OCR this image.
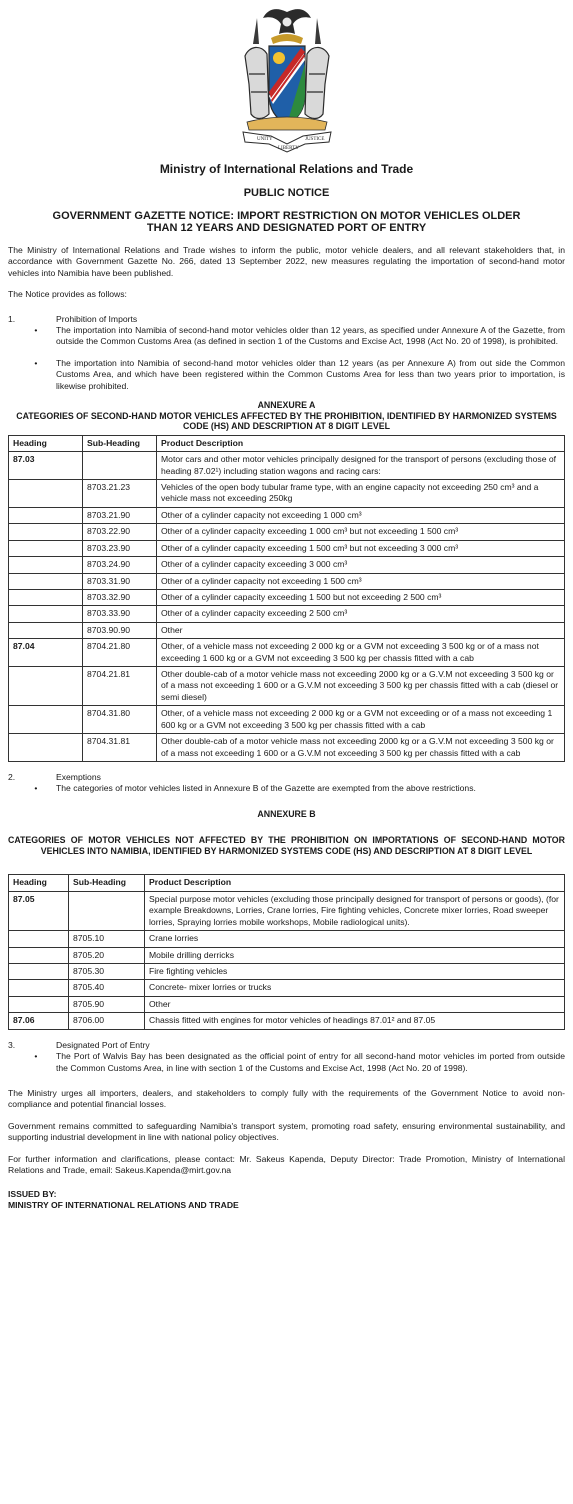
UNITY
LIBERTY
JUSTICE
Ministry of International Relations and Trade
PUBLIC NOTICE
GOVERNMENT GAZETTE NOTICE: IMPORT RESTRICTION ON MOTOR VEHICLES OLDER THAN 12 YEARS AND DESIGNATED PORT OF ENTRY

The Ministry of International Relations and Trade wishes to inform the public, motor vehicle dealers, and all relevant stakeholders that, in accordance with Government Gazette No. 266, dated 13 September 2022, new measures regulating the importation of second-hand motor vehicles into Namibia have been published.

The Notice provides as follows:

1.	Prohibition of Imports
•	The importation into Namibia of second-hand motor vehicles older than 12 years, as specified under Annexure A of the Gazette, from outside the Common Customs Area (as defined in section 1 of the Customs and Excise Act, 1998 (Act No. 20 of 1998), is prohibited.
•	The importation into Namibia of second-hand motor vehicles older than 12 years (as per Annexure A) from out side the Common Customs Area, and which have been registered within the Common Customs Area for less than two years prior to importation, is likewise prohibited.
ANNEXURE A
CATEGORIES OF SECOND-HAND MOTOR VEHICLES AFFECTED BY THE PROHIBITION, IDENTIFIED BY HARMONIZED SYSTEMS CODE (HS) AND DESCRIPTION AT 8 DIGIT LEVEL
Heading	Sub-Heading	Product Description
87.03		Motor cars and other motor vehicles principally designed for the transport of persons (excluding those of heading 87.02¹) including station wagons and racing cars:
	8703.21.23	Vehicles of the open body tubular frame type, with an engine capacity not exceeding 250 cm³ and a vehicle mass not exceeding 250kg
	8703.21.90	Other of a cylinder capacity not exceeding 1 000 cm³
	8703.22.90	Other of a cylinder capacity exceeding 1 000 cm³ but not exceeding 1 500 cm³
	8703.23.90	Other of a cylinder capacity exceeding 1 500 cm³ but not exceeding 3 000 cm³
	8703.24.90	Other of a cylinder capacity exceeding 3 000 cm³
	8703.31.90	Other of a cylinder capacity not exceeding 1 500 cm³
	8703.32.90	Other of a cylinder capacity exceeding 1 500 but not exceeding 2 500 cm³
	8703.33.90	Other of a cylinder capacity exceeding 2 500 cm³
	8703.90.90	Other
87.04	8704.21.80	Other, of a vehicle mass not exceeding 2 000 kg or a GVM not exceeding 3 500 kg or of a mass not exceeding 1 600 kg or a GVM not exceeding 3 500 kg per chassis fitted with a cab
	8704.21.81	Other double-cab of a motor vehicle mass not exceeding 2000 kg or a G.V.M not exceeding 3 500 kg or of a mass not exceeding 1 600 or a G.V.M not exceeding 3 500 kg per chassis fitted with a cab (diesel or semi diesel)
	8704.31.80	Other, of a vehicle mass not exceeding 2 000 kg or a GVM not exceeding or of a mass not exceeding 1 600 kg or a GVM not exceeding 3 500 kg per chassis fitted with a cab
	8704.31.81	Other double-cab of a motor vehicle mass not exceeding 2000 kg or a G.V.M not exceeding 3 500 kg or of a mass not exceeding 1 600 or a G.V.M not exceeding 3 500 kg per chassis fitted with a cab
2.	Exemptions
•	The categories of motor vehicles listed in Annexure B of the Gazette are exempted from the above restrictions.
ANNEXURE B
CATEGORIES OF MOTOR VEHICLES NOT AFFECTED BY THE PROHIBITION ON IMPORTATIONS OF SECOND-HAND MOTOR VEHICLES INTO NAMIBIA, IDENTIFIED BY HARMONIZED SYSTEMS CODE (HS) AND DESCRIPTION AT 8 DIGIT LEVEL
Heading	Sub-Heading	Product Description
87.05		Special purpose motor vehicles (excluding those principally designed for transport of persons or goods), (for example Breakdowns, Lorries, Crane lorries, Fire fighting vehicles, Concrete mixer lorries, Road sweeper lorries, Spraying lorries mobile workshops, Mobile radiological units).
	8705.10	Crane lorries
	8705.20	Mobile drilling derricks
	8705.30	Fire fighting vehicles
	8705.40	Concrete- mixer lorries or trucks
	8705.90	Other
87.06	8706.00	Chassis fitted with engines for motor vehicles of headings 87.01² and 87.05
3.	Designated Port of Entry
•	The Port of Walvis Bay has been designated as the official point of entry for all second-hand motor vehicles im ported from outside the Common Customs Area, in line with section 1 of the Customs and Excise Act, 1998 (Act No. 20 of 1998).

The Ministry urges all importers, dealers, and stakeholders to comply fully with the requirements of the Government Notice to avoid non-compliance and potential financial losses.

Government remains committed to safeguarding Namibia's transport system, promoting road safety, ensuring environmental sustainability, and supporting industrial development in line with national policy objectives.

For further information and clarifications, please contact: Mr. Sakeus Kapenda, Deputy Director: Trade Promotion, Ministry of International Relations and Trade, email: Sakeus.Kapenda@mirt.gov.na

ISSUED BY:
MINISTRY OF INTERNATIONAL RELATIONS AND TRADE
